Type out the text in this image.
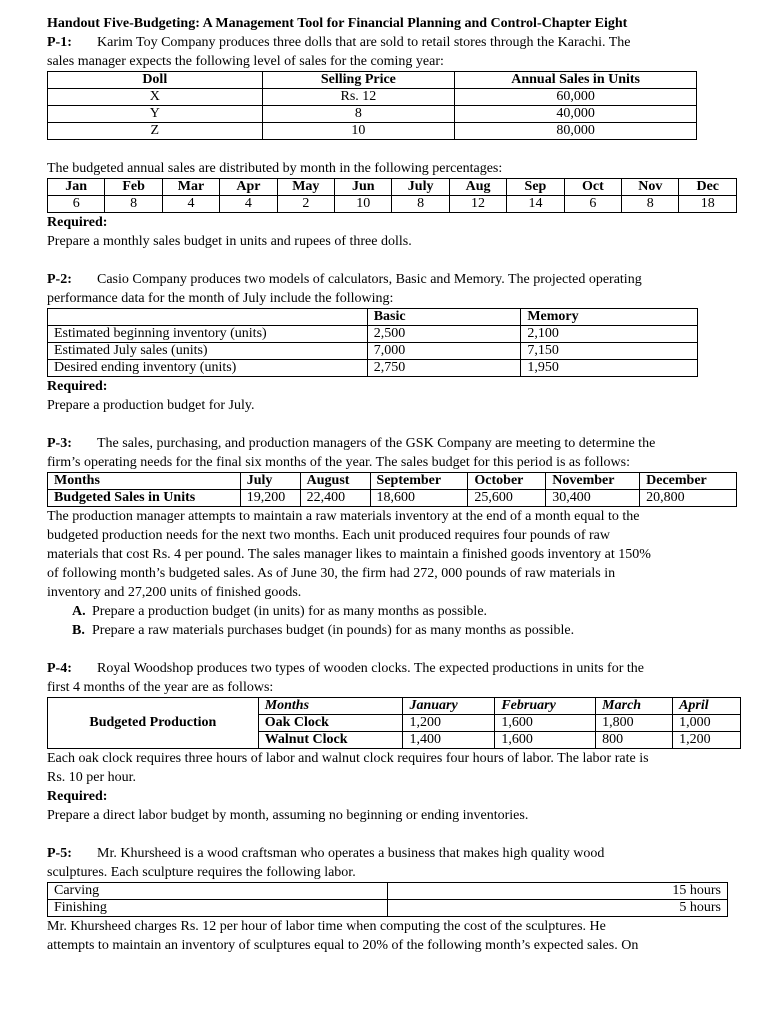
Handout Five-Budgeting: A Management Tool for Financial Planning and Control-Chapter Eight
P-1: Karim Toy Company produces three dolls that are sold to retail stores through the Karachi. The
sales manager expects the following level of sales for the coming year:
Doll	Selling Price	Annual Sales in Units
X	Rs. 12	60,000
Y	8	40,000
Z	10	80,000
The budgeted annual sales are distributed by month in the following percentages:
Jan	Feb	Mar	Apr	May	Jun	July	Aug	Sep	Oct	Nov	Dec
6	8	4	4	2	10	8	12	14	6	8	18
Required:
Prepare a monthly sales budget in units and rupees of three dolls.
P-2: Casio Company produces two models of calculators, Basic and Memory. The projected operating
performance data for the month of July include the following:
	Basic	Memory
Estimated beginning inventory (units)	2,500	2,100
Estimated July sales (units)	7,000	7,150
Desired ending inventory (units)	2,750	1,950
Required:
Prepare a production budget for July.
P-3: The sales, purchasing, and production managers of the GSK Company are meeting to determine the
firm’s operating needs for the final six months of the year. The sales budget for this period is as follows:
Months	July	August	September	October	November	December
Budgeted Sales in Units	19,200	22,400	18,600	25,600	30,400	20,800
The production manager attempts to maintain a raw materials inventory at the end of a month equal to the
budgeted production needs for the next two months. Each unit produced requires four pounds of raw
materials that cost Rs. 4 per pound. The sales manager likes to maintain a finished goods inventory at 150%
of following month’s budgeted sales. As of June 30, the firm had 272, 000 pounds of raw materials in
inventory and 27,200 units of finished goods.
A. Prepare a production budget (in units) for as many months as possible.
B. Prepare a raw materials purchases budget (in pounds) for as many months as possible.
P-4: Royal Woodshop produces two types of wooden clocks. The expected productions in units for the
first 4 months of the year are as follows:
Budgeted Production	Months	January	February	March	April
	Oak Clock	1,200	1,600	1,800	1,000
	Walnut Clock	1,400	1,600	800	1,200
Each oak clock requires three hours of labor and walnut clock requires four hours of labor. The labor rate is
Rs. 10 per hour.
Required:
Prepare a direct labor budget by month, assuming no beginning or ending inventories.
P-5: Mr. Khursheed is a wood craftsman who operates a business that makes high quality wood
sculptures. Each sculpture requires the following labor.
Carving	15 hours
Finishing	5 hours
Mr. Khursheed charges Rs. 12 per hour of labor time when computing the cost of the sculptures. He
attempts to maintain an inventory of sculptures equal to 20% of the following month’s expected sales. On
